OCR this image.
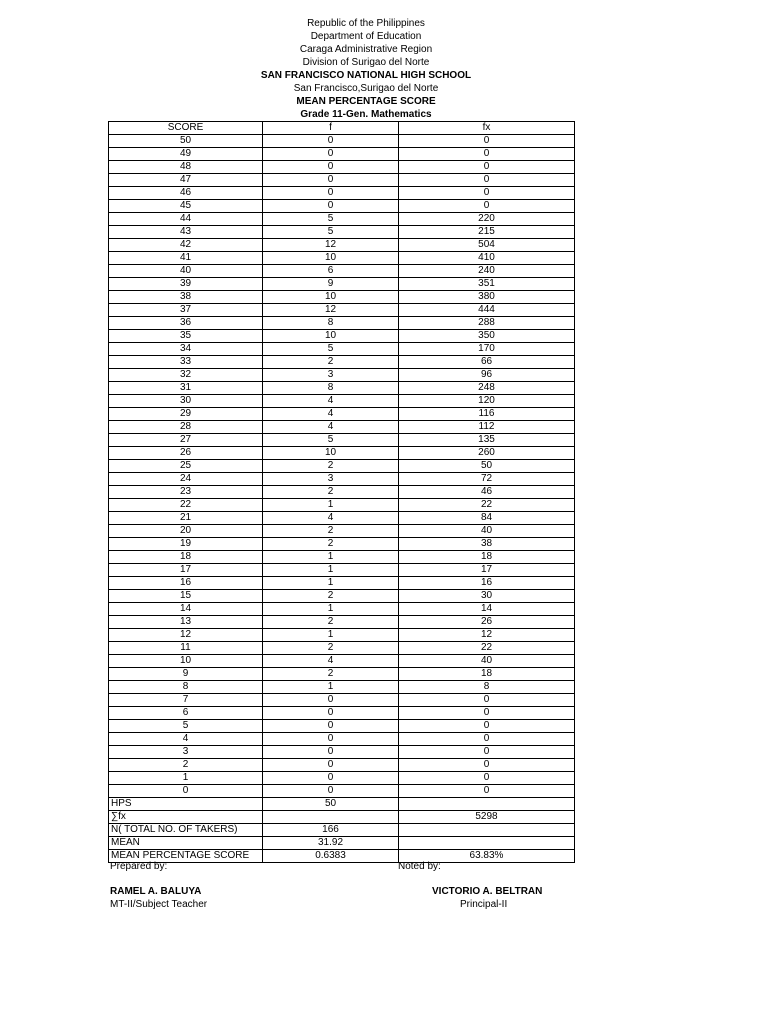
Republic of the Philippines
Department of Education
Caraga Administrative Region
Division of Surigao del Norte
SAN FRANCISCO NATIONAL HIGH SCHOOL
San Francisco,Surigao del Norte
MEAN PERCENTAGE SCORE
Grade 11-Gen. Mathematics
SCORE	f	fx
50	0	0
49	0	0
48	0	0
47	0	0
46	0	0
45	0	0
44	5	220
43	5	215
42	12	504
41	10	410
40	6	240
39	9	351
38	10	380
37	12	444
36	8	288
35	10	350
34	5	170
33	2	66
32	3	96
31	8	248
30	4	120
29	4	116
28	4	112
27	5	135
26	10	260
25	2	50
24	3	72
23	2	46
22	1	22
21	4	84
20	2	40
19	2	38
18	1	18
17	1	17
16	1	16
15	2	30
14	1	14
13	2	26
12	1	12
11	2	22
10	4	40
9	2	18
8	1	8
7	0	0
6	0	0
5	0	0
4	0	0
3	0	0
2	0	0
1	0	0
0	0	0
HPS	50	
∑fx		5298
N( TOTAL NO. OF TAKERS)	166	
MEAN	31.92	
MEAN PERCENTAGE SCORE	0.6383	63.83%
Prepared by:	Noted by:
RAMEL A. BALUYA
MT-II/Subject Teacher
VICTORIO A. BELTRAN
Principal-II
